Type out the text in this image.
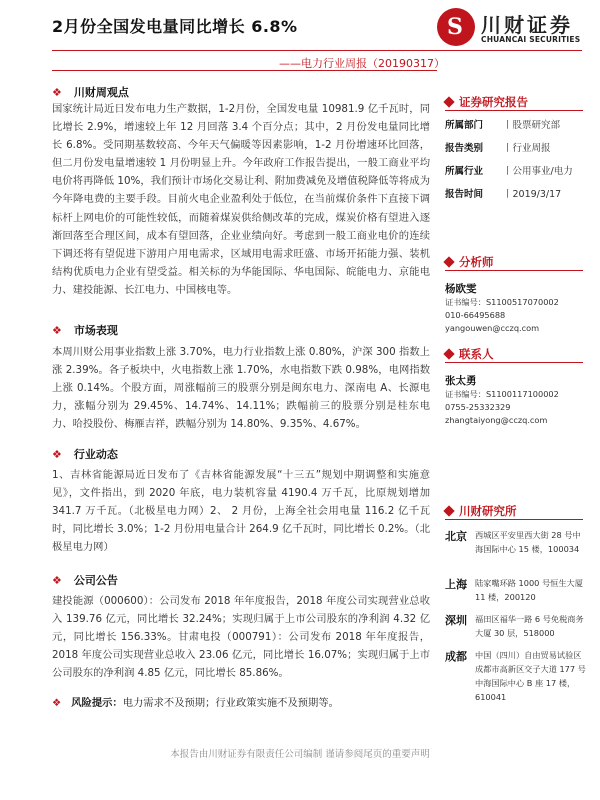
2月份全国发电量同比增长 6.8%	S 川财证券
CHUANCAI SECURITIES
——电力行业周报（20190317）
❖ 川财周观点
国家统计局近日发布电力生产数据，1-2月份，全国发电量 10981.9 亿千瓦时，同比增长 2.9%，增速较上年 12 月回落 3.4 个百分点；其中，2 月份发电量同比增长 6.8%。受同期基数较高、今年天气偏暖等因素影响，1-2 月份增速环比回落，但二月份发电量增速较 1 月份明显上升。今年政府工作报告提出，一般工商业平均电价将再降低 10%，我们预计市场化交易让利、附加费减免及增值税降低等将成为今年降电费的主要手段。目前火电企业盈利处于低位，在当前煤价条件下直接下调标杆上网电价的可能性较低，而随着煤炭供给侧改革的完成，煤炭价格有望进入逐渐回落至合理区间，成本有望回落，企业业绩向好。考虑到一般工商业电价的连续下调还将有望促进下游用户用电需求，区域用电需求旺盛、市场开拓能力强、装机结构优质电力企业有望受益。相关标的为华能国际、华电国际、皖能电力、京能电力、建投能源、长江电力、中国核电等。
❖ 市场表现
本周川财公用事业指数上涨 3.70%，电力行业指数上涨 0.80%，沪深 300 指数上涨 2.39%。各子板块中，火电指数上涨 1.70%，水电指数下跌 0.98%，电网指数上涨 0.14%。个股方面，周涨幅前三的股票分别是闽东电力、深南电 A、长源电力，涨幅分别为 29.45%、14.74%、14.11%；跌幅前三的股票分别是桂东电力、哈投股份、梅雁吉祥，跌幅分别为 14.80%、9.35%、4.67%。
❖ 行业动态
1、吉林省能源局近日发布了《吉林省能源发展“十三五”规划中期调整和实施意见》，文件指出，到 2020 年底，电力装机容量 4190.4 万千瓦，比原规划增加 341.7 万千瓦。（北极星电力网）2、 2 月份，上海全社会用电量 116.2 亿千瓦时，同比增长 3.0%；1-2 月份用电量合计 264.9 亿千瓦时，同比增长 0.2%。（北极星电力网）
❖ 公司公告
建投能源（000600）：公司发布 2018 年年度报告，2018 年度公司实现营业总收入 139.76 亿元，同比增长 32.24%；实现归属于上市公司股东的净利润 4.32 亿元，同比增长 156.33%。甘肃电投（000791）：公司发布 2018 年年度报告，2018 年度公司实现营业总收入 23.06 亿元，同比增长 16.07%；实现归属于上市公司股东的净利润 4.85 亿元，同比增长 85.86%。
❖ 风险提示：电力需求不及预期；行业政策实施不及预期等。
证券研究报告
所属部门 丨股票研究部
报告类别 丨行业周报
所属行业 丨公用事业/电力
报告时间 丨2019/3/17
分析师
杨欧雯
证书编号：S1100517070002
010-66495688
yangouwen@cczq.com
联系人
张太勇
证书编号：S1100117100002
0755-25332329
zhangtaiyong@cczq.com
川财研究所
北京 西城区平安里西大街 28 号中海国际中心 15 楼，100034
上海 陆家嘴环路 1000 号恒生大厦 11 楼，200120
深圳 福田区福华一路 6 号免税商务大厦 30 层，518000
成都 中国（四川）自由贸易试验区成都市高新区交子大道 177 号中海国际中心 B 座 17 楼，610041
本报告由川财证券有限责任公司编制 谨请参阅尾页的重要声明
